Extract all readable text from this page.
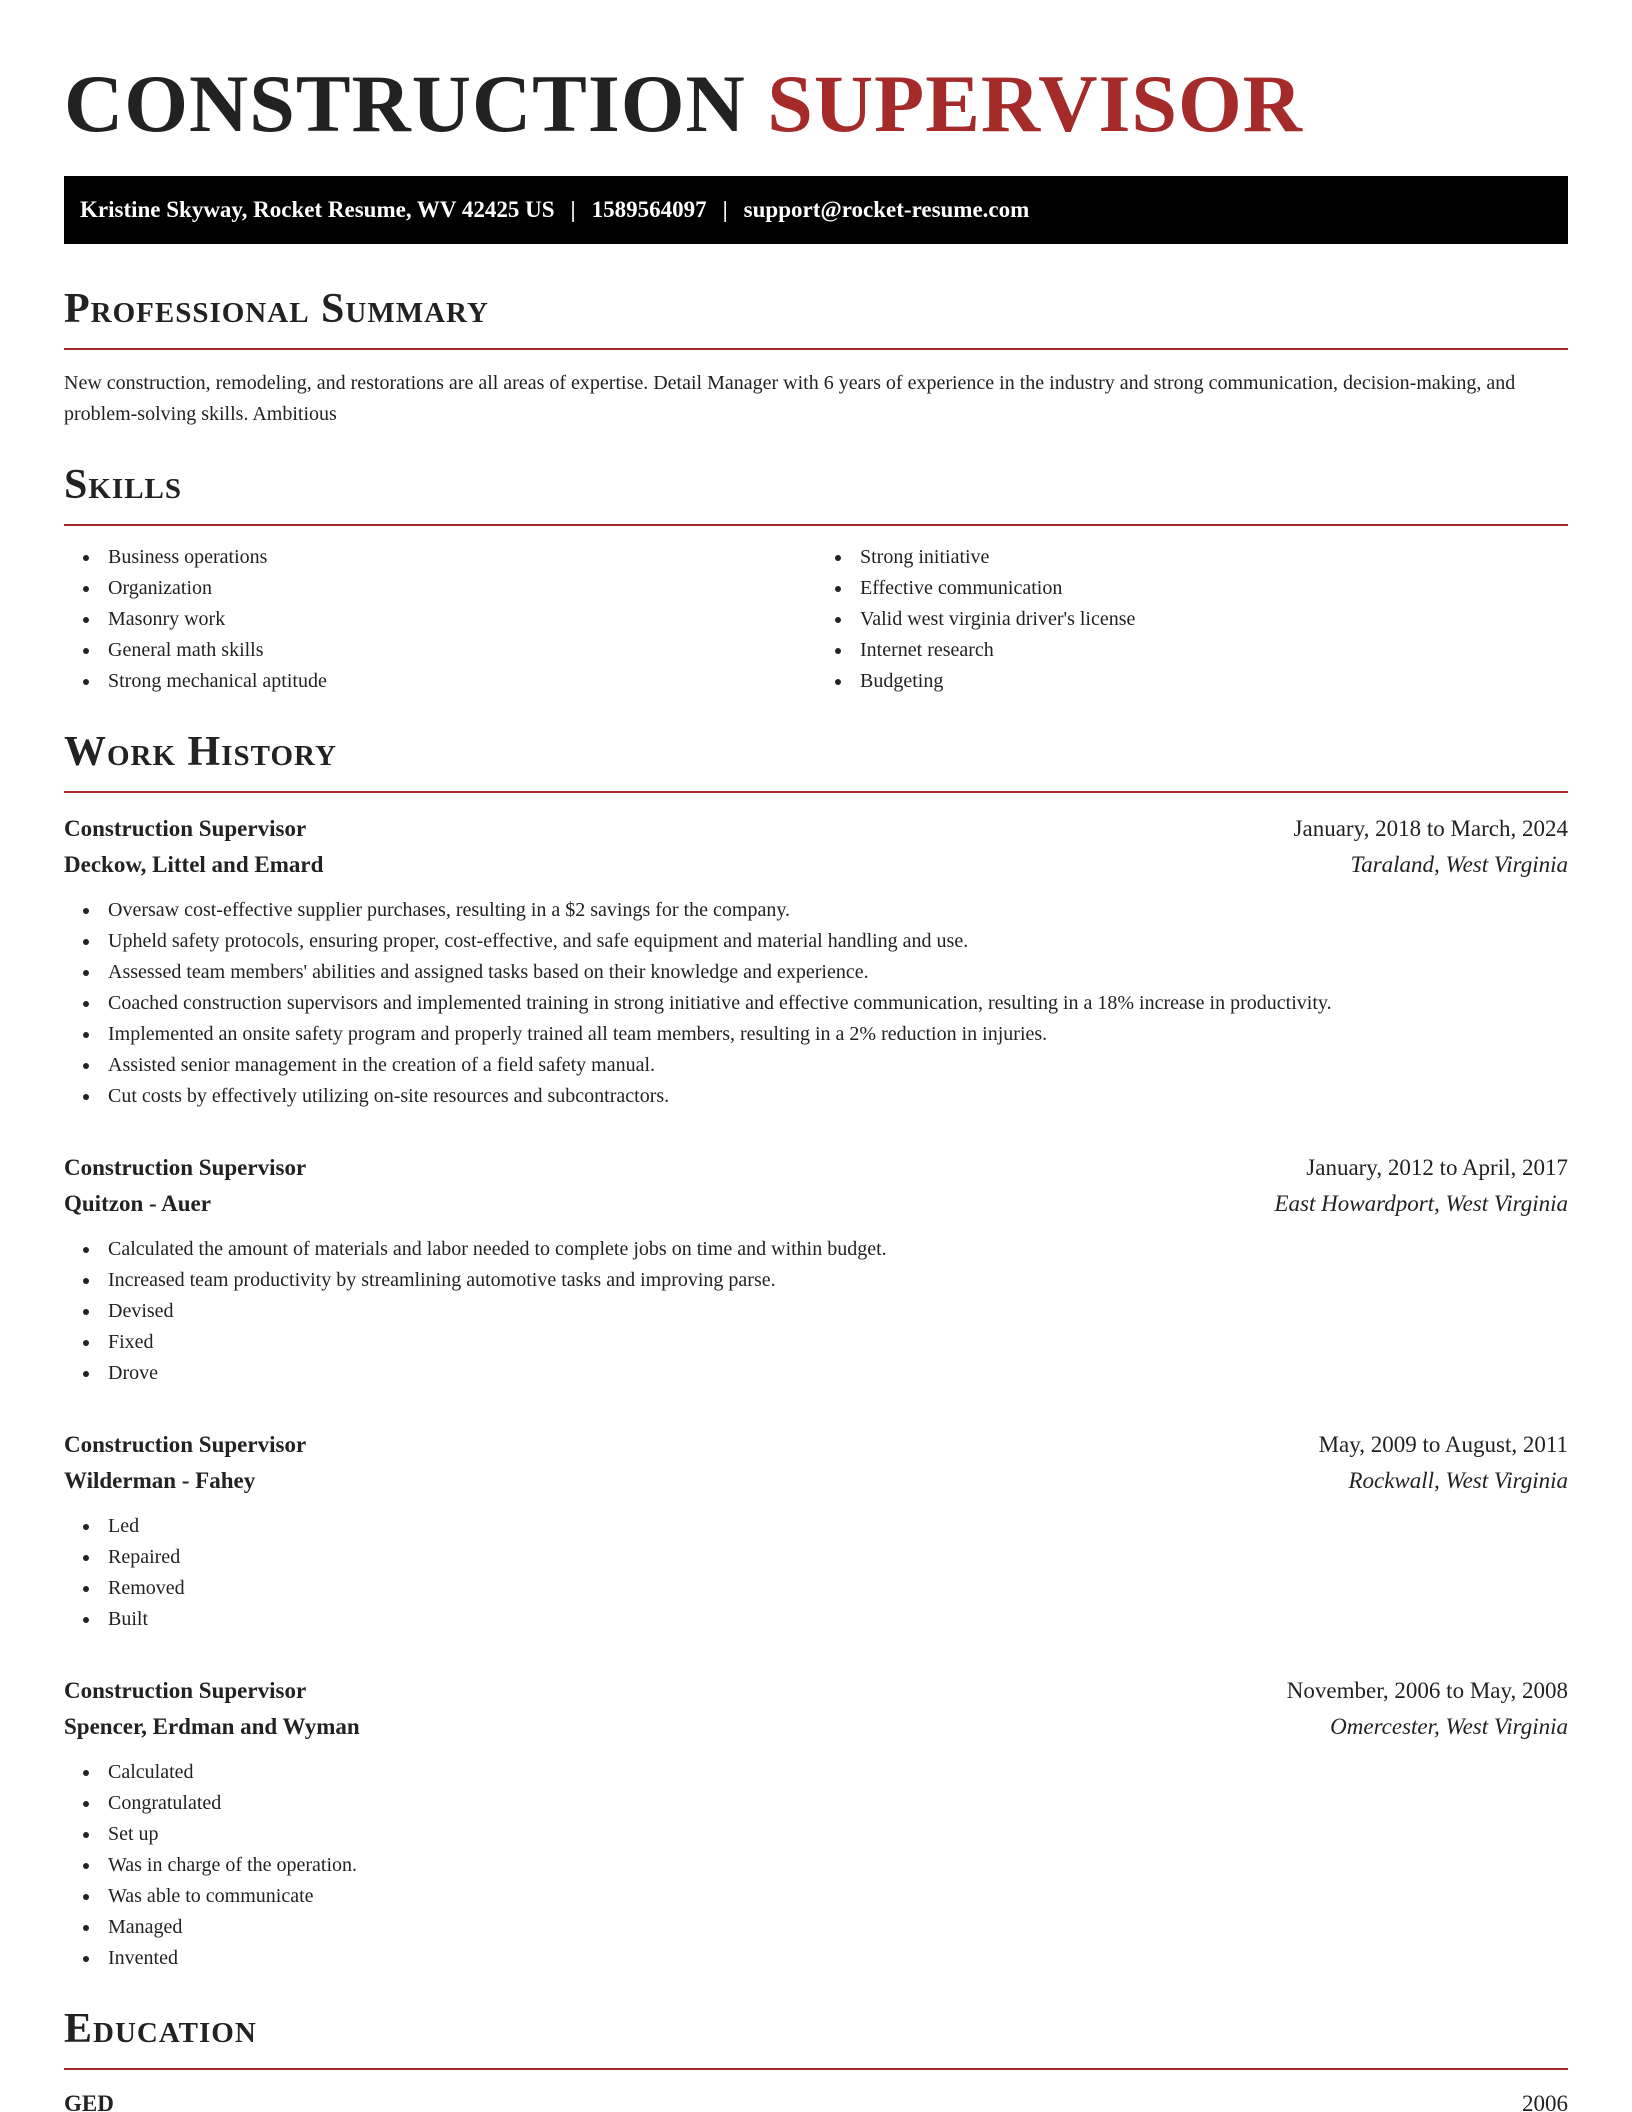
CONSTRUCTION SUPERVISOR
Kristine Skyway, Rocket Resume, WV 42425 US | 1589564097 | support@rocket-resume.com
Professional Summary

New construction, remodeling, and restorations are all areas of expertise. Detail Manager with 6 years of experience in the industry and strong communication, decision-making, and problem-solving skills. Ambitious

Skills
Business operations
Organization
Masonry work
General math skills
Strong mechanical aptitude
Strong initiative
Effective communication
Valid west virginia driver's license
Internet research
Budgeting
Work History
Construction Supervisor	January, 2018 to March, 2024
Deckow, Littel and Emard	Taraland, West Virginia
Oversaw cost-effective supplier purchases, resulting in a $2 savings for the company.
Upheld safety protocols, ensuring proper, cost-effective, and safe equipment and material handling and use.
Assessed team members' abilities and assigned tasks based on their knowledge and experience.
Coached construction supervisors and implemented training in strong initiative and effective communication, resulting in a 18% increase in productivity.
Implemented an onsite safety program and properly trained all team members, resulting in a 2% reduction in injuries.
Assisted senior management in the creation of a field safety manual.
Cut costs by effectively utilizing on-site resources and subcontractors.
Construction Supervisor	January, 2012 to April, 2017
Quitzon - Auer	East Howardport, West Virginia
Calculated the amount of materials and labor needed to complete jobs on time and within budget.
Increased team productivity by streamlining automotive tasks and improving parse.
Devised
Fixed
Drove
Construction Supervisor	May, 2009 to August, 2011
Wilderman - Fahey	Rockwall, West Virginia
Led
Repaired
Removed
Built
Construction Supervisor	November, 2006 to May, 2008
Spencer, Erdman and Wyman	Omercester, West Virginia
Calculated
Congratulated
Set up
Was in charge of the operation.
Was able to communicate
Managed
Invented
Education
GED	2006
